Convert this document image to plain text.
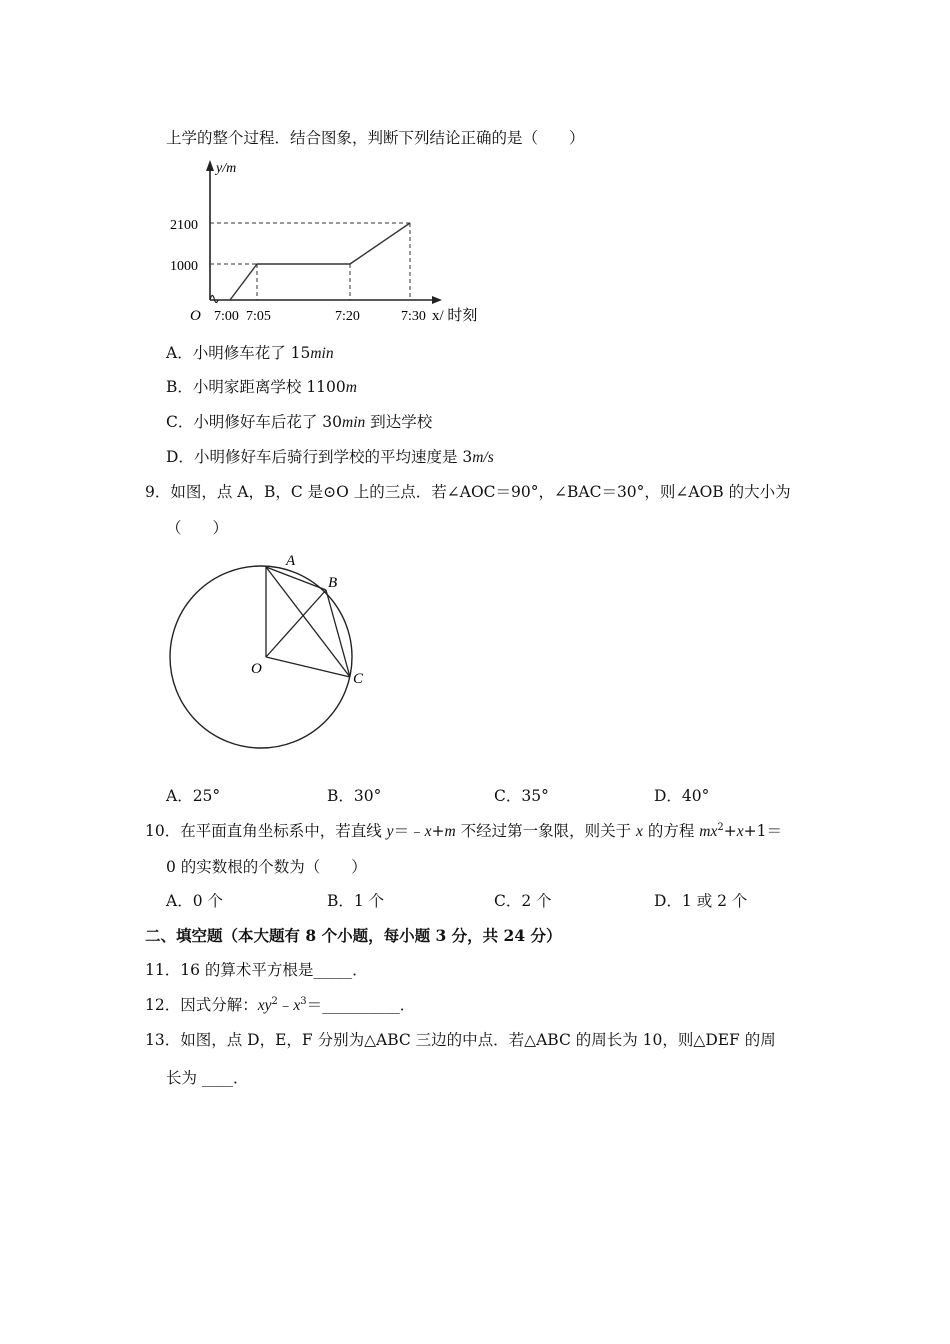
上学的整个过程．结合图象，判断下列结论正确的是（　　）
y/m
2100
1000
O 7:00 7:05	7:20	7:30 x/ 时刻
A．小明修车花了 15min
B．小明家距离学校 1100m
C．小明修好车后花了 30min 到达学校
D．小明修好车后骑行到学校的平均速度是 3m/s
9．如图，点 A，B，C 是⊙O 上的三点．若∠AOC＝90°，∠BAC＝30°，则∠AOB 的大小为
（　　）
A
B
C
O
A．25°	B．30°	C．35°	D．40°
10．在平面直角坐标系中，若直线 y＝﹣x+m 不经过第一象限，则关于 x 的方程 $mx^2+x+1=$
0 的实数根的个数为（　　）
A．0 个	B．1 个	C．2 个	D．1 或 2 个
二、填空题（本大题有 8 个小题，每小题 3 分，共 24 分）
11．16 的算术平方根是_____．
12．因式分解：$xy^2﹣x^3=\_\_\_\_\_\_\_\_\_\_$．
13．如图，点 D，E，F 分别为△ABC 三边的中点．若△ABC 的周长为 10，则△DEF 的周
长为 ____．
